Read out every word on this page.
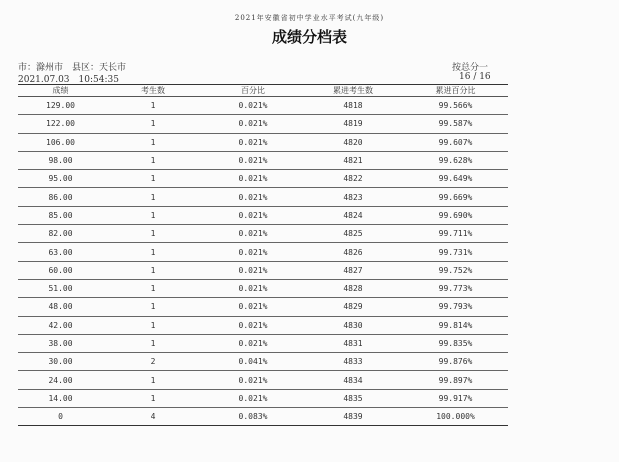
2021年安徽省初中学业水平考试(九年级)
成绩分档表
市：滁州市　县区：天长市
2021.07.03　10:54:35
按总分一
16 / 16
成绩	考生数	百分比	累进考生数	累进百分比
129.00	1	0.021%	4818	99.566%
122.00	1	0.021%	4819	99.587%
106.00	1	0.021%	4820	99.607%
98.00	1	0.021%	4821	99.628%
95.00	1	0.021%	4822	99.649%
86.00	1	0.021%	4823	99.669%
85.00	1	0.021%	4824	99.690%
82.00	1	0.021%	4825	99.711%
63.00	1	0.021%	4826	99.731%
60.00	1	0.021%	4827	99.752%
51.00	1	0.021%	4828	99.773%
48.00	1	0.021%	4829	99.793%
42.00	1	0.021%	4830	99.814%
38.00	1	0.021%	4831	99.835%
30.00	2	0.041%	4833	99.876%
24.00	1	0.021%	4834	99.897%
14.00	1	0.021%	4835	99.917%
0	4	0.083%	4839	100.000%
